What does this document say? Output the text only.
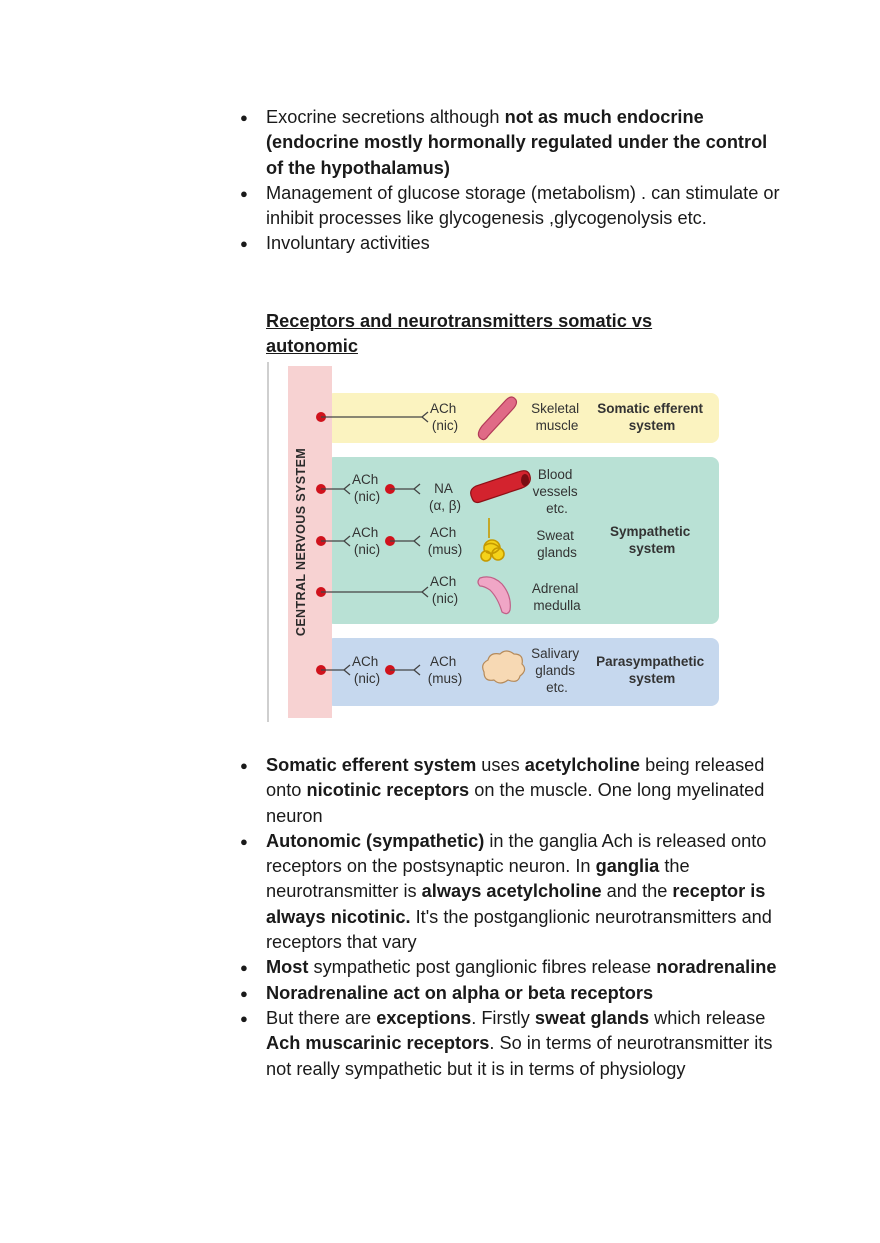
● Exocrine secretions although not as much endocrine (endocrine mostly hormonally regulated under the control of the hypothalamus)
● Management of glucose storage (metabolism) . can stimulate or inhibit processes like glycogenesis ,glycogenolysis etc.
● Involuntary activities
Receptors and neurotransmitters somatic vs autonomic
CENTRAL NERVOUS SYSTEM
ACh (nic)
Skeletal muscle
Somatic efferent system
ACh (nic)
NA (α, β)
Blood vessels etc.
ACh (nic)
ACh (mus)
Sweat glands
Sympathetic system
ACh (nic)
Adrenal medulla
ACh (nic)
ACh (mus)
Salivary glands etc.
Parasympathetic system
● Somatic efferent system uses acetylcholine being released onto nicotinic receptors on the muscle. One long myelinated neuron
● Autonomic (sympathetic) in the ganglia Ach is released onto receptors on the postsynaptic neuron. In ganglia the neurotransmitter is always acetylcholine and the receptor is always nicotinic. It's the postganglionic neurotransmitters and receptors that vary
● Most sympathetic post ganglionic fibres release noradrenaline
● Noradrenaline act on alpha or beta receptors
● But there are exceptions. Firstly sweat glands which release Ach muscarinic receptors. So in terms of neurotransmitter its not really sympathetic but it is in terms of physiology
